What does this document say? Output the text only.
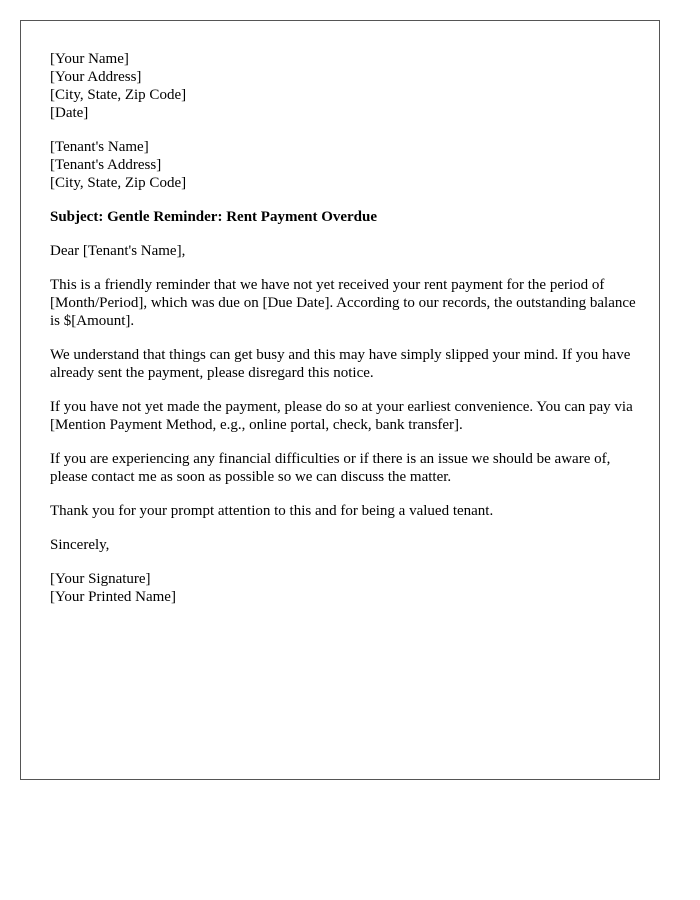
[Your Name]
[Your Address]
[City, State, Zip Code]
[Date]
[Tenant's Name]
[Tenant's Address]
[City, State, Zip Code]

Subject: Gentle Reminder: Rent Payment Overdue

Dear [Tenant's Name],

This is a friendly reminder that we have not yet received your rent payment for the period of [Month/Period], which was due on [Due Date]. According to our records, the outstanding balance is $[Amount].

We understand that things can get busy and this may have simply slipped your mind. If you have already sent the payment, please disregard this notice.

If you have not yet made the payment, please do so at your earliest convenience. You can pay via [Mention Payment Method, e.g., online portal, check, bank transfer].

If you are experiencing any financial difficulties or if there is an issue we should be aware of, please contact me as soon as possible so we can discuss the matter.

Thank you for your prompt attention to this and for being a valued tenant.

Sincerely,

[Your Signature]
[Your Printed Name]
